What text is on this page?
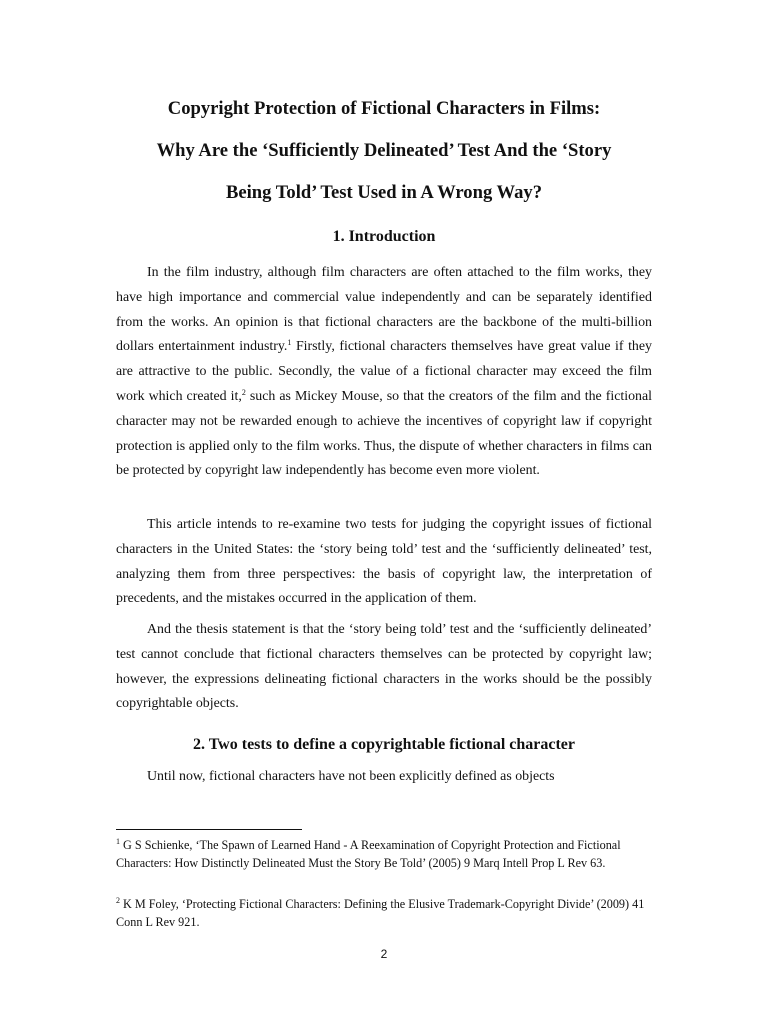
Copyright Protection of Fictional Characters in Films:
Why Are the ‘Sufficiently Delineated’ Test And the ‘Story
Being Told’ Test Used in A Wrong Way?
1. Introduction

In the film industry, although film characters are often attached to the film works, they have high importance and commercial value independently and can be separately identified from the works. An opinion is that fictional characters are the backbone of the multi-billion dollars entertainment industry.$^1$ Firstly, fictional characters themselves have great value if they are attractive to the public. Secondly, the value of a fictional character may exceed the film work which created it,$^2$ such as Mickey Mouse, so that the creators of the film and the fictional character may not be rewarded enough to achieve the incentives of copyright law if copyright protection is applied only to the film works. Thus, the dispute of whether characters in films can be protected by copyright law independently has become even more violent.

This article intends to re-examine two tests for judging the copyright issues of fictional characters in the United States: the ‘story being told’ test and the ‘sufficiently delineated’ test, analyzing them from three perspectives: the basis of copyright law, the interpretation of precedents, and the mistakes occurred in the application of them.

And the thesis statement is that the ‘story being told’ test and the ‘sufficiently delineated’ test cannot conclude that fictional characters themselves can be protected by copyright law; however, the expressions delineating fictional characters in the works should be the possibly copyrightable objects.

2. Two tests to define a copyrightable fictional character

Until now, fictional characters have not been explicitly defined as objects

$^1$ G S Schienke, ‘The Spawn of Learned Hand - A Reexamination of Copyright Protection and Fictional Characters: How Distinctly Delineated Must the Story Be Told’ (2005) 9 Marq Intell Prop L Rev 63.

$^2$ K M Foley, ‘Protecting Fictional Characters: Defining the Elusive Trademark-Copyright Divide’ (2009) 41 Conn L Rev 921.

2
